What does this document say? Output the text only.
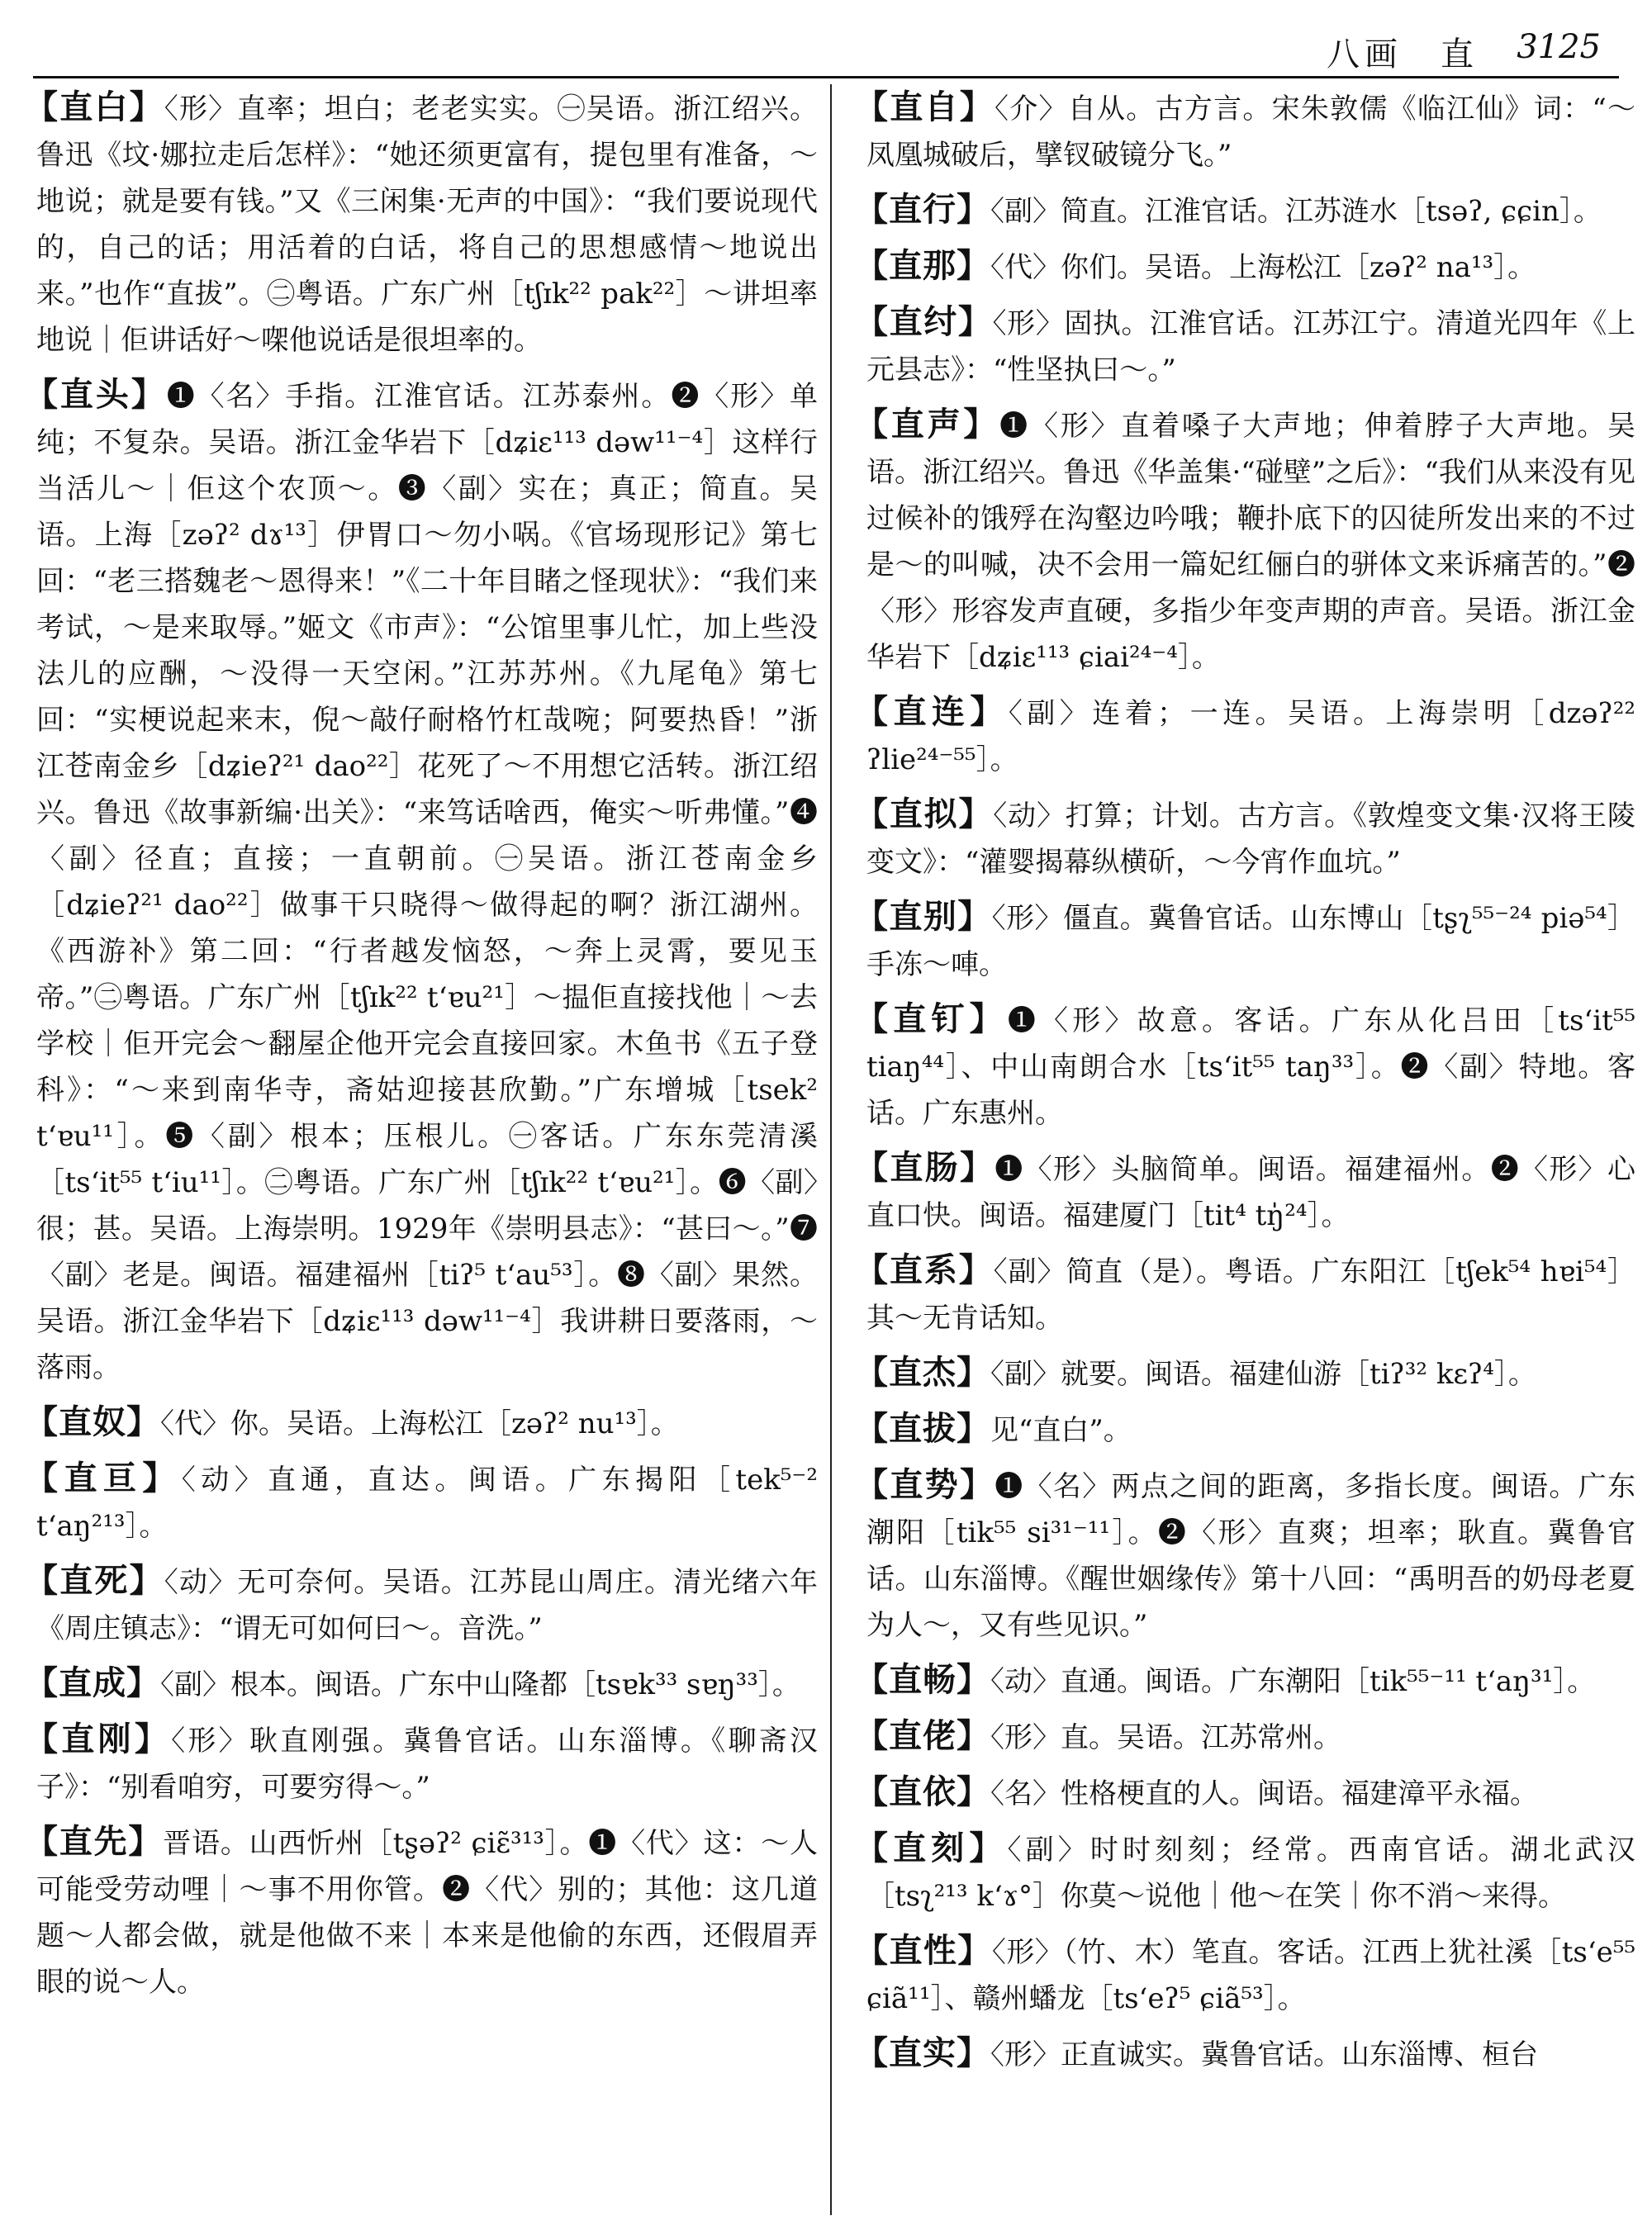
八画　直 3125

【直白】〈形〉直率；坦白；老老实实。㊀吴语。浙江绍兴。鲁迅《坟·娜拉走后怎样》：“她还须更富有，提包里有准备，～地说；就是要有钱。”又《三闲集·无声的中国》：“我们要说现代的，自己的话；用活着的白话，将自己的思想感情～地说出来。”也作“直拔”。㊁粤语。广东广州［tʃɪk²² pak²²］～讲坦率地说｜佢讲话好～㗎他说话是很坦率的。

【直头】❶〈名〉手指。江淮官话。江苏泰州。❷〈形〉单纯；不复杂。吴语。浙江金华岩下［dʑiɛ¹¹³ dəw¹¹⁻⁴］这样行当活儿～｜佢这个农顶～。❸〈副〉实在；真正；简直。吴语。上海［zəʔ² dɤ¹³］伊胃口～勿小㖞。《官场现形记》第七回：“老三搭魏老～恩得来！”《二十年目睹之怪现状》：“我们来考试，～是来取辱。”姬文《市声》：“公馆里事儿忙，加上些没法儿的应酬，～没得一天空闲。”江苏苏州。《九尾龟》第七回：“实梗说起来末，倪～敲仔耐格竹杠哉啘；阿要热昏！”浙江苍南金乡［dʑieʔ²¹ dao²²］花死了～不用想它活转。浙江绍兴。鲁迅《故事新编·出关》：“来笃话啥西，俺实～听弗懂。”❹〈副〉径直；直接；一直朝前。㊀吴语。浙江苍南金乡［dʑieʔ²¹ dao²²］做事干只晓得～做得起的啊？浙江湖州。《西游补》第二回：“行者越发恼怒，～奔上灵霄，要见玉帝。”㊁粤语。广东广州［tʃɪk²² tʻɐu²¹］～揾佢直接找他｜～去学校｜佢开完会～翻屋企他开完会直接回家。木鱼书《五子登科》：“～来到南华寺，斋姑迎接甚欣勤。”广东增城［tsek² tʻɐu¹¹］。❺〈副〉根本；压根儿。㊀客话。广东东莞清溪［tsʻit⁵⁵ tʻiu¹¹］。㊁粤语。广东广州［tʃɪk²² tʻɐu²¹］。❻〈副〉很；甚。吴语。上海崇明。1929年《崇明县志》：“甚曰～。”❼〈副〉老是。闽语。福建福州［tiʔ⁵ tʻau⁵³］。❽〈副〉果然。吴语。浙江金华岩下［dʑiɛ¹¹³ dəw¹¹⁻⁴］我讲耕日要落雨，～落雨。

【直奴】〈代〉你。吴语。上海松江［zəʔ² nu¹³］。

【直亘】〈动〉直通，直达。闽语。广东揭阳［tek⁵⁻² tʻaŋ²¹³］。

【直死】〈动〉无可奈何。吴语。江苏昆山周庄。清光绪六年《周庄镇志》：“谓无可如何曰～。音洗。”

【直成】〈副〉根本。闽语。广东中山隆都［tsɐk³³ sɐŋ³³］。

【直刚】〈形〉耿直刚强。冀鲁官话。山东淄博。《聊斋汉子》：“别看咱穷，可要穷得～。”

【直先】晋语。山西忻州［tʂəʔ² ɕiɛ̃³¹³］。❶〈代〉这：～人可能受劳动哩｜～事不用你管。❷〈代〉别的；其他：这几道题～人都会做，就是他做不来｜本来是他偷的东西，还假眉弄眼的说～人。

【直自】〈介〉自从。古方言。宋朱敦儒《临江仙》词：“～凤凰城破后，擘钗破镜分飞。”

【直行】〈副〉简直。江淮官话。江苏涟水［tsəʔ, ɕɕin］。

【直那】〈代〉你们。吴语。上海松江［zəʔ² na¹³］。

【直纣】〈形〉固执。江淮官话。江苏江宁。清道光四年《上元县志》：“性坚执曰～。”

【直声】❶〈形〉直着嗓子大声地；伸着脖子大声地。吴语。浙江绍兴。鲁迅《华盖集·“碰壁”之后》：“我们从来没有见过候补的饿殍在沟壑边吟哦；鞭扑底下的囚徒所发出来的不过是～的叫喊，决不会用一篇妃红俪白的骈体文来诉痛苦的。”❷〈形〉形容发声直硬，多指少年变声期的声音。吴语。浙江金华岩下［dʑiɛ¹¹³ ɕiai²⁴⁻⁴］。

【直连】〈副〉连着；一连。吴语。上海崇明［dzəʔ²² ʔlie²⁴⁻⁵⁵］。

【直拟】〈动〉打算；计划。古方言。《敦煌变文集·汉将王陵变文》：“灌婴揭幕纵横斫，～今宵作血坑。”

【直别】〈形〉僵直。冀鲁官话。山东博山［tʂʅ⁵⁵⁻²⁴ piə⁵⁴］手冻～唓。

【直钉】❶〈形〉故意。客话。广东从化吕田［tsʻit⁵⁵ tiaŋ⁴⁴］、中山南朗合水［tsʻit⁵⁵ taŋ³³］。❷〈副〉特地。客话。广东惠州。

【直肠】❶〈形〉头脑简单。闽语。福建福州。❷〈形〉心直口快。闽语。福建厦门［tit⁴ tŋ̍²⁴］。

【直系】〈副〉简直（是）。粤语。广东阳江［tʃek⁵⁴ hɐi⁵⁴］其～无肯话知。

【直杰】〈副〉就要。闽语。福建仙游［tiʔ³² kɛʔ⁴］。

【直拔】见“直白”。

【直势】❶〈名〉两点之间的距离，多指长度。闽语。广东潮阳［tik⁵⁵ si³¹⁻¹¹］。❷〈形〉直爽；坦率；耿直。冀鲁官话。山东淄博。《醒世姻缘传》第十八回：“禹明吾的奶母老夏为人～，又有些见识。”

【直畅】〈动〉直通。闽语。广东潮阳［tik⁵⁵⁻¹¹ tʻaŋ³¹］。

【直佬】〈形〉直。吴语。江苏常州。

【直依】〈名〉性格梗直的人。闽语。福建漳平永福。

【直刻】〈副〉时时刻刻；经常。西南官话。湖北武汉［tsʅ²¹³ kʻɤ°］你莫～说他｜他～在笑｜你不消～来得。

【直性】〈形〉（竹、木）笔直。客话。江西上犹社溪［tsʻe⁵⁵ ɕiã¹¹］、赣州蟠龙［tsʻeʔ⁵ ɕiã⁵³］。

【直实】〈形〉正直诚实。冀鲁官话。山东淄博、桓台
